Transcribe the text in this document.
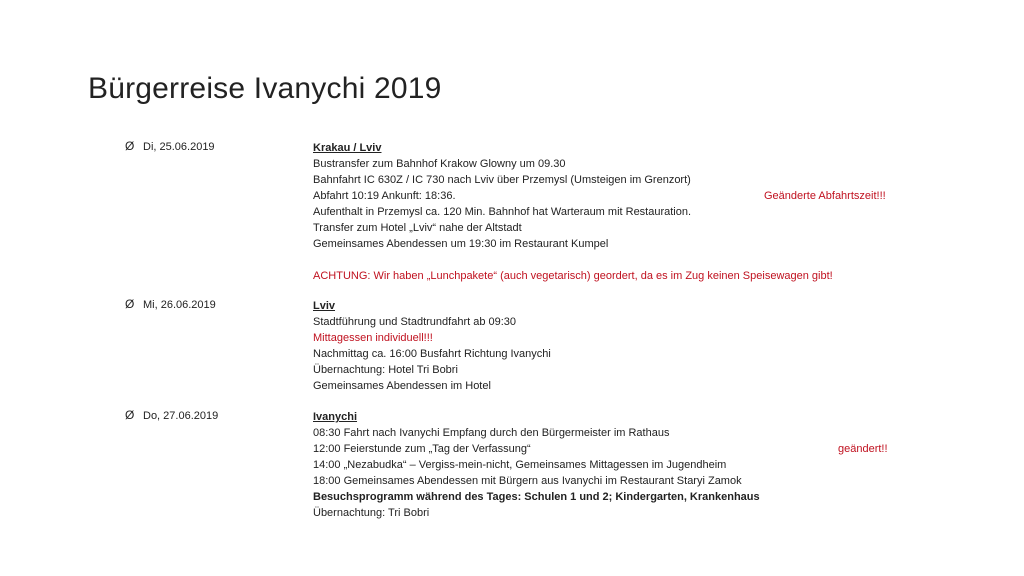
Bürgerreise Ivanychi 2019
Ø Di, 25.06.2019	Krakau / Lviv
Bustransfer zum Bahnhof Krakow Glowny um 09.30
Bahnfahrt IC 630Z / IC 730 nach Lviv über Przemysl (Umsteigen im Grenzort)
Abfahrt 10:19 Ankunft: 18:36.
Aufenthalt in Przemysl ca. 120 Min. Bahnhof hat Warteraum mit Restauration.
Transfer zum Hotel „Lviv“ nahe der Altstadt
Gemeinsames Abendessen um 19:30 im Restaurant Kumpel
ACHTUNG: Wir haben „Lunchpakete“ (auch vegetarisch) geordert, da es im Zug keinen Speisewagen gibt!
Geänderte Abfahrtszeit!!!
Ø Mi, 26.06.2019	Lviv
Stadtführung und Stadtrundfahrt ab 09:30
Mittagessen individuell!!!
Nachmittag ca. 16:00 Busfahrt Richtung Ivanychi
Übernachtung: Hotel Tri Bobri
Gemeinsames Abendessen im Hotel
Ø Do, 27.06.2019	Ivanychi
08:30 Fahrt nach Ivanychi Empfang durch den Bürgermeister im Rathaus
12:00 Feierstunde zum „Tag der Verfassung“
14:00 „Nezabudka“ – Vergiss-mein-nicht, Gemeinsames Mittagessen im Jugendheim
18:00 Gemeinsames Abendessen mit Bürgern aus Ivanychi im Restaurant Staryi Zamok
Besuchsprogramm während des Tages: Schulen 1 und 2; Kindergarten, Krankenhaus
Übernachtung: Tri Bobri
geändert!!
